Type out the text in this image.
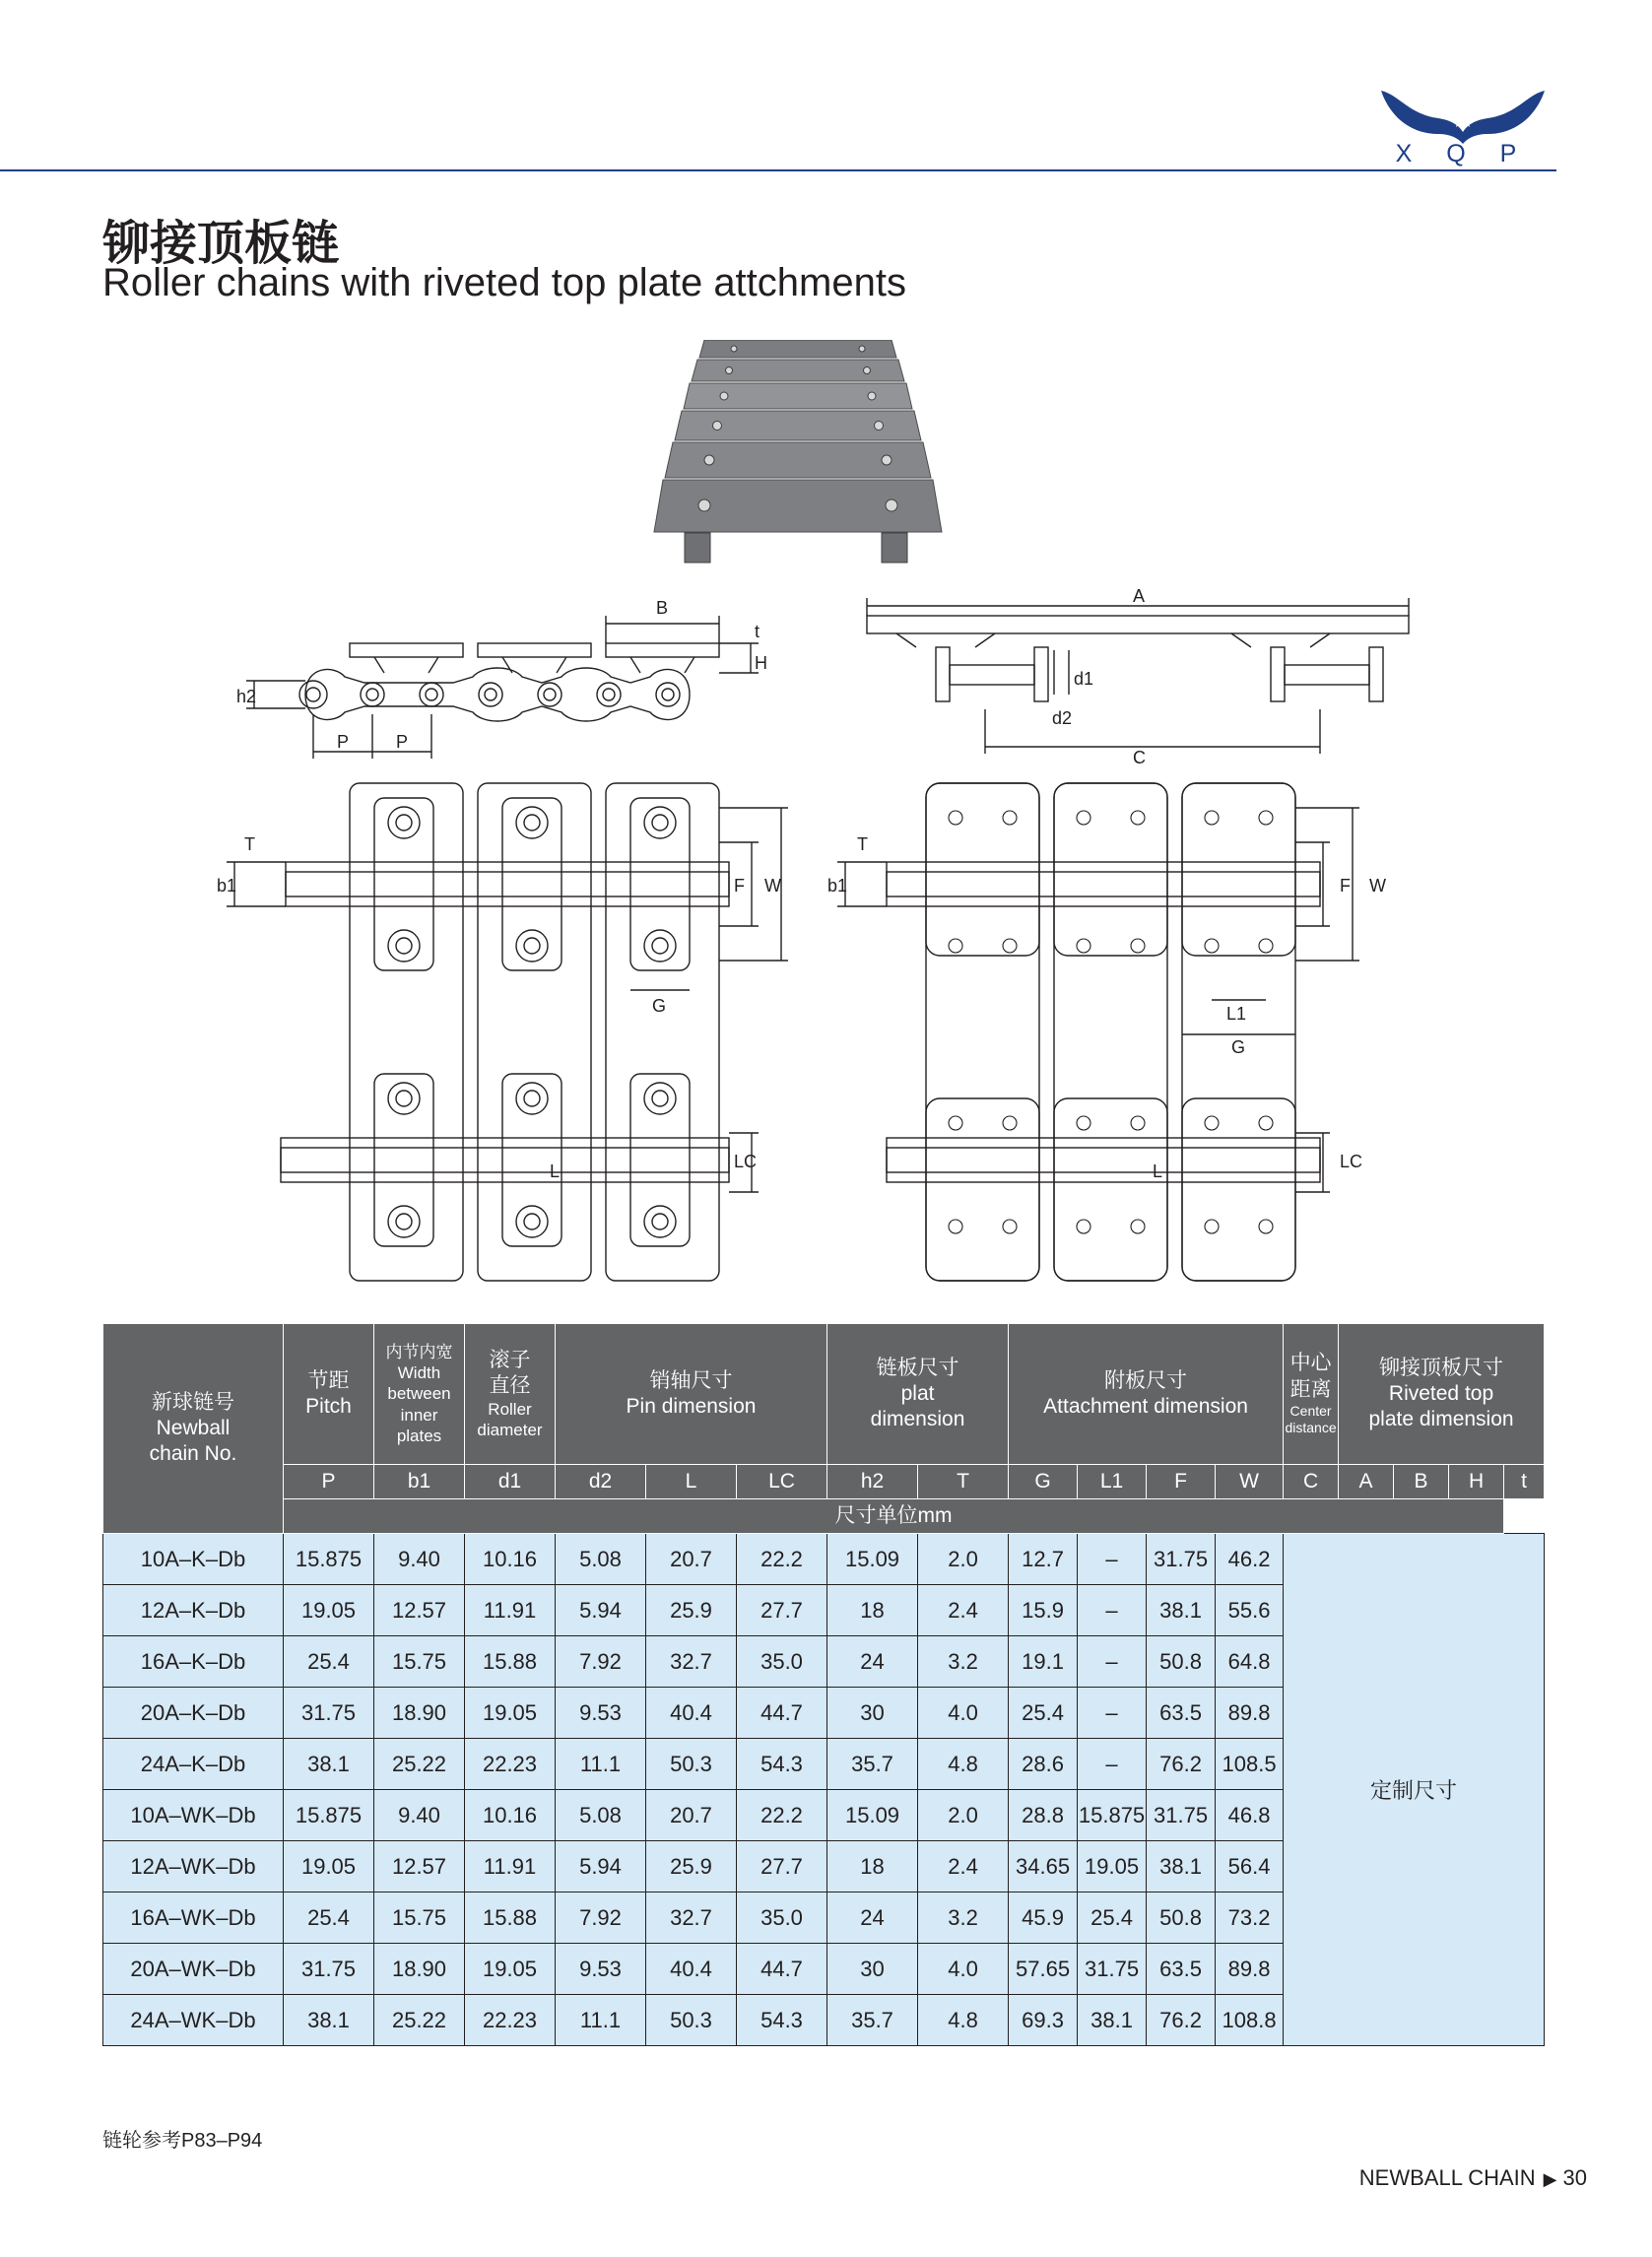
X Q P
铆接顶板链
Roller chains with riveted top plate attchments
B
A
C
H
t
h2
P	P
d1
d2
T
b1	F W
G
LC
L
T
b1	F W
L1
G
LC
L
新球链号
Newball
chain No.	节距
Pitch	内节内宽
Width
between
inner
plates	滚子
直径
Roller
diameter	销轴尺寸
Pin dimension			链板尺寸
plat
dimension		附板尺寸
Attachment dimension				中心
距离
Center
distance	铆接顶板尺寸
Riveted top
plate dimension			

	P	b1	d1	d2	L	LC	h2	T	G	L1	F	W	C	A	B	H	t
	尺寸单位mm																
10A–K–Db	15.875	9.40	10.16	5.08	20.7	22.2	15.09	2.0	12.7	–	31.75	46.2	定制尺寸				
12A–K–Db	19.05	12.57	11.91	5.94	25.9	27.7	18	2.4	15.9	–	38.1	55.6					
16A–K–Db	25.4	15.75	15.88	7.92	32.7	35.0	24	3.2	19.1	–	50.8	64.8					
20A–K–Db	31.75	18.90	19.05	9.53	40.4	44.7	30	4.0	25.4	–	63.5	89.8					
24A–K–Db	38.1	25.22	22.23	11.1	50.3	54.3	35.7	4.8	28.6	–	76.2	108.5					
10A–WK–Db	15.875	9.40	10.16	5.08	20.7	22.2	15.09	2.0	28.8	15.875	31.75	46.8					
12A–WK–Db	19.05	12.57	11.91	5.94	25.9	27.7	18	2.4	34.65	19.05	38.1	56.4					
16A–WK–Db	25.4	15.75	15.88	7.92	32.7	35.0	24	3.2	45.9	25.4	50.8	73.2					
20A–WK–Db	31.75	18.90	19.05	9.53	40.4	44.7	30	4.0	57.65	31.75	63.5	89.8					
24A–WK–Db	38.1	25.22	22.23	11.1	50.3	54.3	35.7	4.8	69.3	38.1	76.2	108.8					
链轮参考P83–P94
NEWBALL CHAIN ▶ 30
